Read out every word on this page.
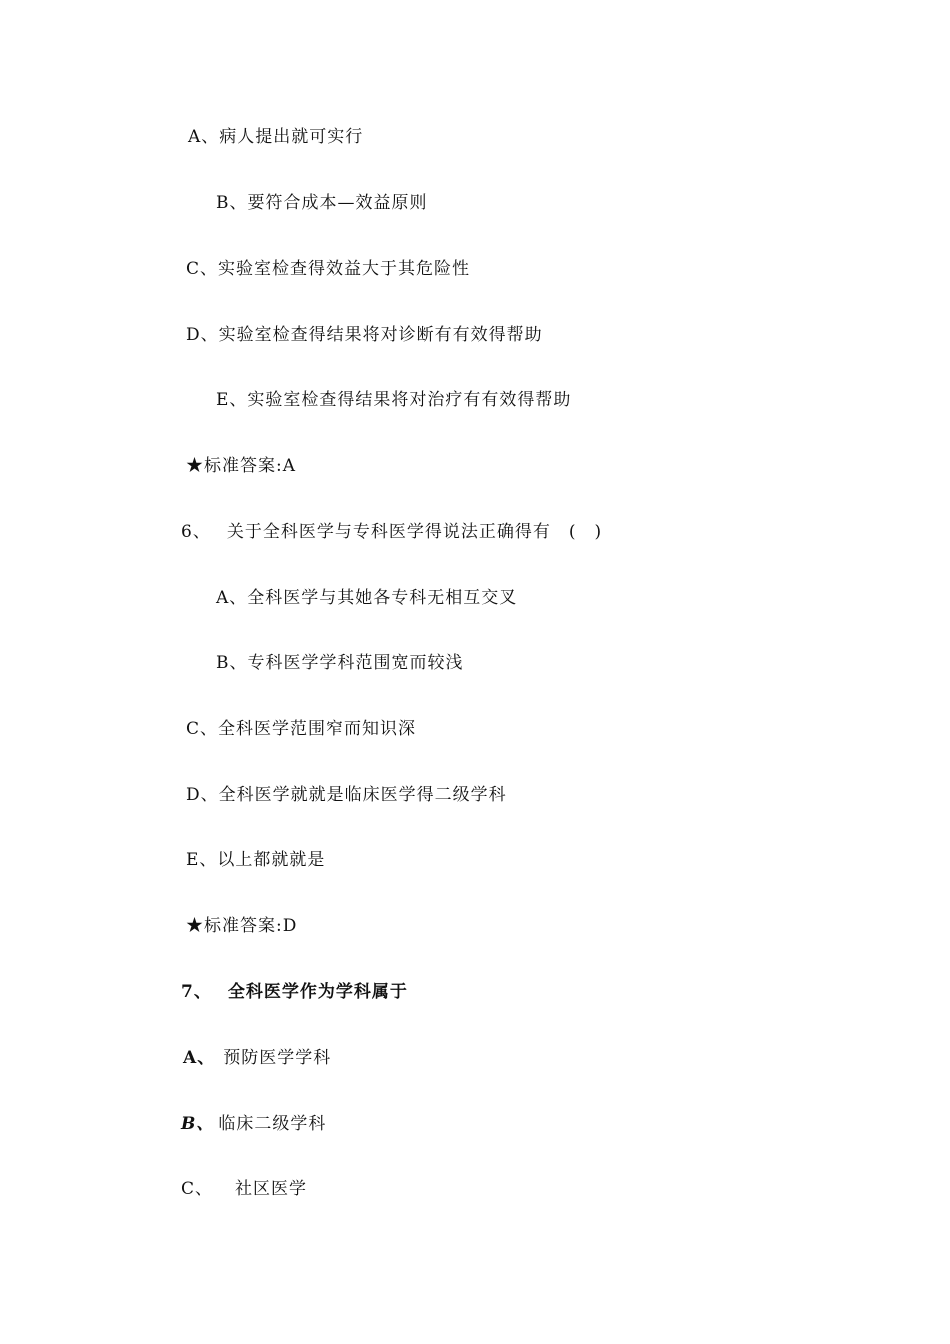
A、病人提出就可实行
B、要符合成本—效益原则
C、实验室检查得效益大于其危险性
D、实验室检查得结果将对诊断有有效得帮助
E、实验室检查得结果将对治疗有有效得帮助
★标准答案:A
6、 关于全科医学与专科医学得说法正确得有 (　)
A、全科医学与其她各专科无相互交叉
B、专科医学学科范围宽而较浅
C、全科医学范围窄而知识深
D、全科医学就就是临床医学得二级学科
E、以上都就就是
★标准答案:D
7、 全科医学作为学科属于
A、 预防医学学科
B、 临床二级学科
C、 社区医学
